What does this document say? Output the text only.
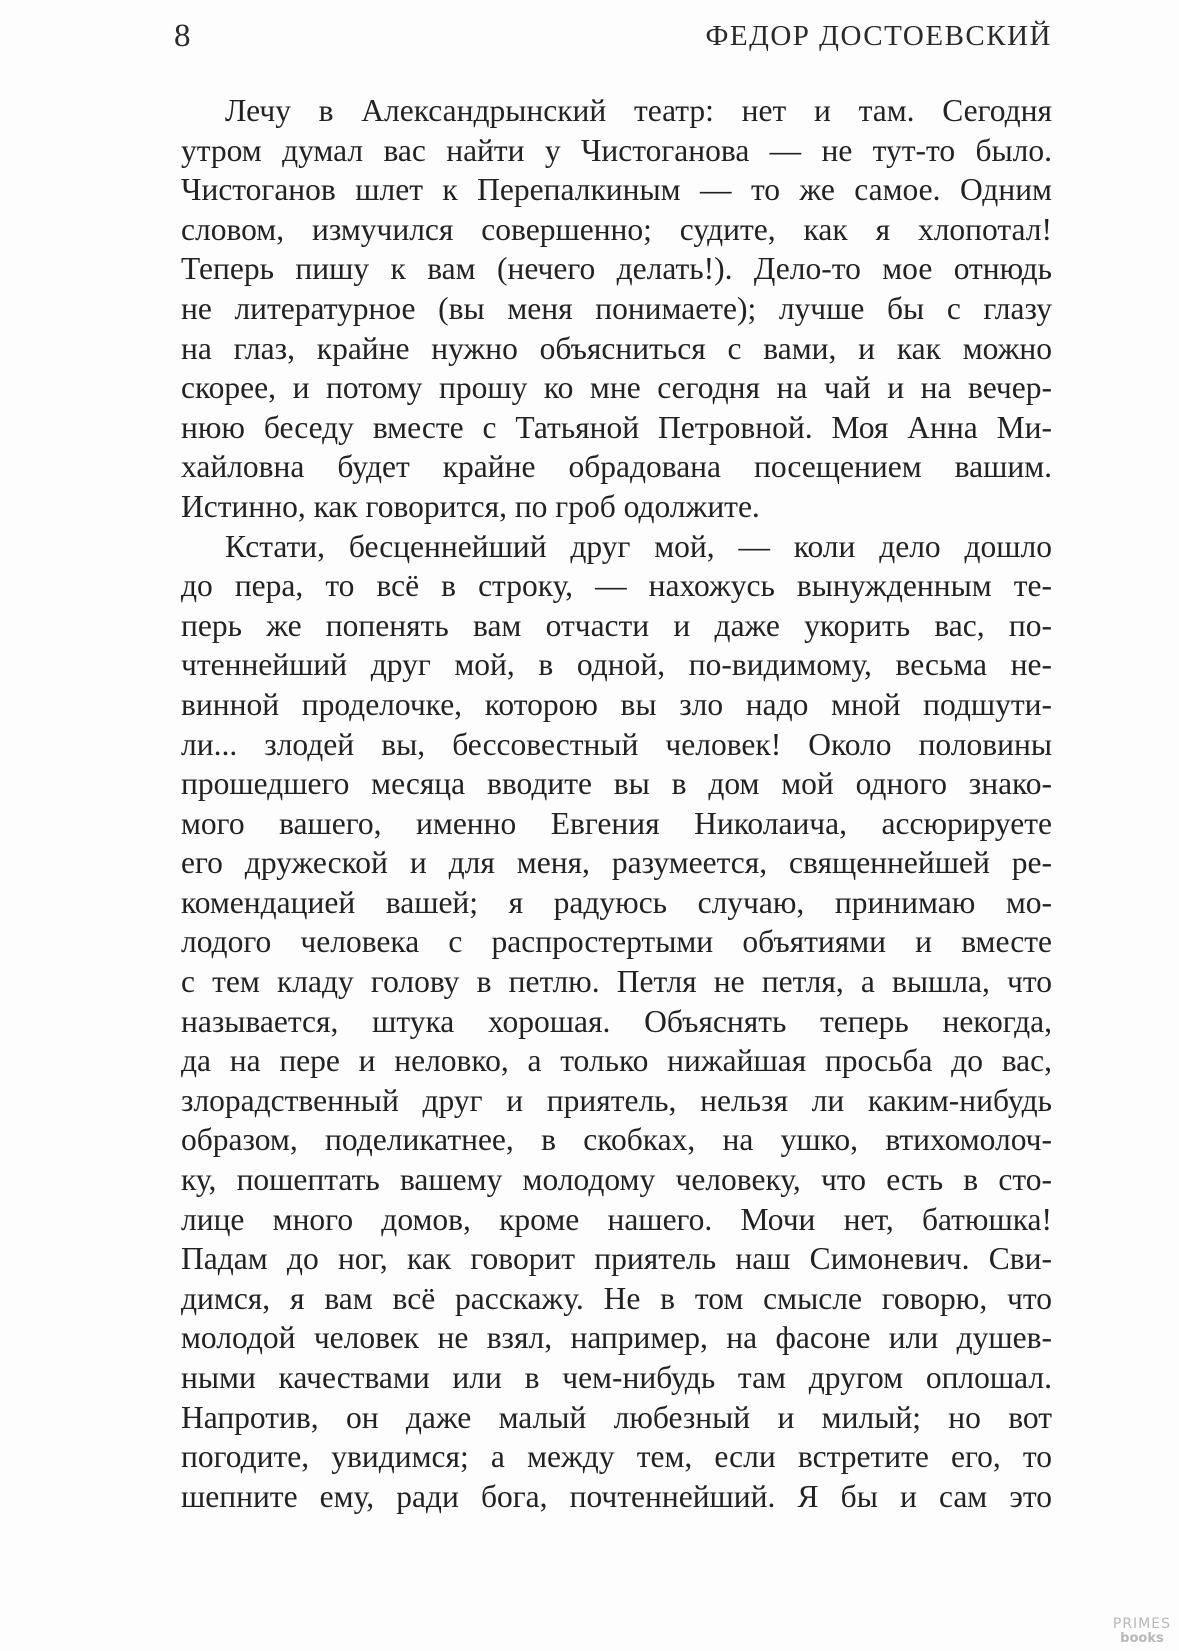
8	ФЕДОР ДОСТОЕВСКИЙ
Лечу в Александрынский театр: нет и там. Сегодня
утром думал вас найти у Чистоганова — не тут-то было.
Чистоганов шлет к Перепалкиным — то же самое. Одним
словом, измучился совершенно; судите, как я хлопотал!
Теперь пишу к вам (нечего делать!). Дело-то мое отнюдь
не литературное (вы меня понимаете); лучше бы с глазу
на глаз, крайне нужно объясниться с вами, и как можно
скорее, и потому прошу ко мне сегодня на чай и на вечер-
нюю беседу вместе с Татьяной Петровной. Моя Анна Ми-
хайловна будет крайне обрадована посещением вашим.
Истинно, как говорится, по гроб одолжите.
Кстати, бесценнейший друг мой, — коли дело дошло
до пера, то всё в строку, — нахожусь вынужденным те-
перь же попенять вам отчасти и даже укорить вас, по-
чтеннейший друг мой, в одной, по-видимому, весьма не-
винной проделочке, которою вы зло надо мной подшути-
ли... злодей вы, бессовестный человек! Около половины
прошедшего месяца вводите вы в дом мой одного знако-
мого вашего, именно Евгения Николаича, ассюрируете
его дружеской и для меня, разумеется, священнейшей ре-
комендацией вашей; я радуюсь случаю, принимаю мо-
лодого человека с распростертыми объятиями и вместе
с тем кладу голову в петлю. Петля не петля, а вышла, что
называется, штука хорошая. Объяснять теперь некогда,
да на пере и неловко, а только нижайшая просьба до вас,
злорадственный друг и приятель, нельзя ли каким-нибудь
образом, поделикатнее, в скобках, на ушко, втихомолоч-
ку, пошептать вашему молодому человеку, что есть в сто-
лице много домов, кроме нашего. Мочи нет, батюшка!
Падам до ног, как говорит приятель наш Симоневич. Сви-
димся, я вам всё расскажу. Не в том смысле говорю, что
молодой человек не взял, например, на фасоне или душев-
ными качествами или в чем-нибудь там другом оплошал.
Напротив, он даже малый любезный и милый; но вот
погодите, увидимся; а между тем, если встретите его, то
шепните ему, ради бога, почтеннейший. Я бы и сам это
PRIMES
books
